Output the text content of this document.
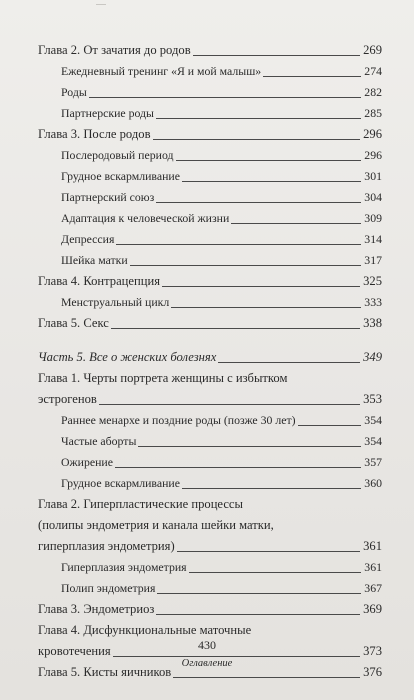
Глава 2. От зачатия до родов	269
Ежедневный тренинг «Я и мой малыш»	274
Роды	282
Партнерские роды	285
Глава 3. После родов	296
Послеродовый период	296
Грудное вскармливание	301
Партнерский союз	304
Адаптация к человеческой жизни	309
Депрессия	314
Шейка матки	317
Глава 4. Контрацепция	325
Менструальный цикл	333
Глава 5. Секс	338
Часть 5. Все о женских болезнях	349
Глава 1. Черты портрета женщины с избытком
эстрогенов	353
Раннее менархе и поздние роды (позже 30 лет)	354
Частые аборты	354
Ожирение	357
Грудное вскармливание	360
Глава 2. Гиперпластические процессы
(полипы эндометрия и канала шейки матки,
гиперплазия эндометрия)	361
Гиперплазия эндометрия	361
Полип эндометрия	367
Глава 3. Эндометриоз	369
Глава 4. Дисфункциональные маточные
кровотечения	373
Глава 5. Кисты яичников	376
430
Оглавление
